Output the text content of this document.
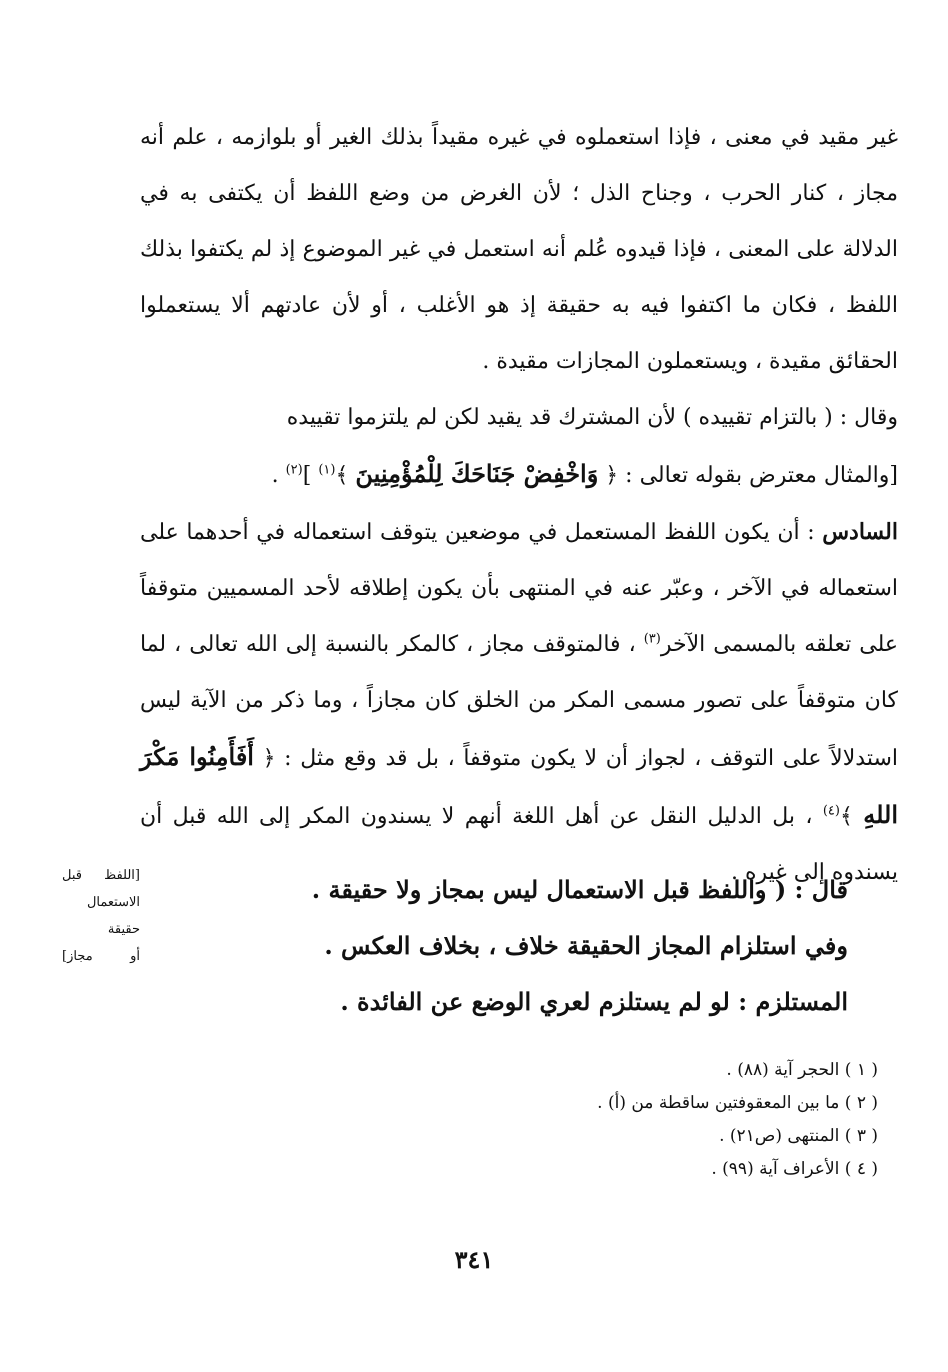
غير مقيد في معنى ، فإذا استعملوه في غيره مقيداً بذلك الغير أو بلوازمه ، علم أنه مجاز ، كنار الحرب ، وجناح الذل ؛ لأن الغرض من وضع اللفظ أن يكتفى به في الدلالة على المعنى ، فإذا قيدوه عُلم أنه استعمل في غير الموضوع إذ لم يكتفوا بذلك اللفظ ، فكان ما اكتفوا فيه به حقيقة إذ هو الأغلب ، أو لأن عادتهم ألا يستعملوا الحقائق مقيدة ، ويستعملون المجازات مقيدة .

وقال : ( بالتزام تقييده ) لأن المشترك قد يقيد لكن لم يلتزموا تقييده

[والمثال معترض بقوله تعالى : ﴿ وَاخْفِضْ جَنَاحَكَ لِلْمُؤْمِنِينَ ﴾$^{(١)}$ ]$^{(٢)}$ .

السادس : أن يكون اللفظ المستعمل في موضعين يتوقف استعماله في أحدهما على استعماله في الآخر ، وعبّر عنه في المنتهى بأن يكون إطلاقه لأحد المسميين متوقفاً على تعلقه بالمسمى الآخر$^{(٣)}$ ، فالمتوقف مجاز ، كالمكر بالنسبة إلى الله تعالى ، لما كان متوقفاً على تصور مسمى المكر من الخلق كان مجازاً ، وما ذكر من الآية ليس استدلالاً على التوقف ، لجواز أن لا يكون متوقفاً ، بل قد وقع مثل : ﴿ أَفَأَمِنُوا مَكْرَ اللهِ ﴾$^{(٤)}$ ، بل الدليل النقل عن أهل اللغة أنهم لا يسندون المكر إلى الله قبل أن يسندوه إلى غيره .

[اللفظ قبل

الاستعمال

حقيقة

أو مجاز]

قال : ( واللفظ قبل الاستعمال ليس بمجاز ولا حقيقة .

وفي استلزام المجاز الحقيقة خلاف ، بخلاف العكس .

المستلزم : لو لم يستلزم لعري الوضع عن الفائدة .

( ١ ) الحجر آية (٨٨) .

( ٢ ) ما بين المعقوفتين ساقطة من (أ) .

( ٣ ) المنتهى (ص٢١) .

( ٤ ) الأعراف آية (٩٩) .

٣٤١
